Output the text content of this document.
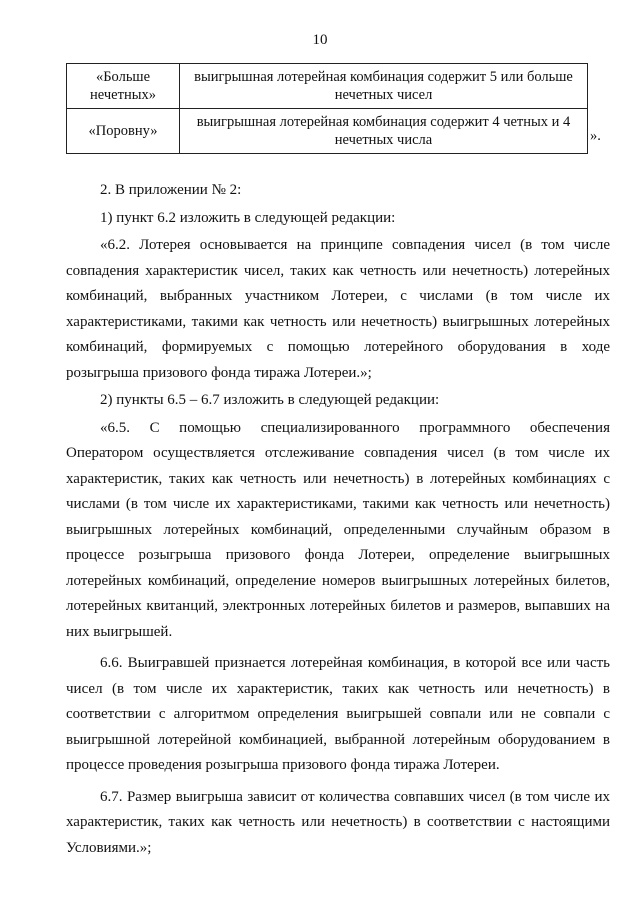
10
«Больше нечетных»	выигрышная лотерейная комбинация содержит 5 или больше нечетных чисел
«Поровну»	выигрышная лотерейная комбинация содержит 4 четных и 4 нечетных числа	».

2. В приложении № 2:

1) пункт 6.2 изложить в следующей редакции:

«6.2. Лотерея основывается на принципе совпадения чисел (в том числе совпадения характеристик чисел, таких как четность или нечетность) лотерейных комбинаций, выбранных участником Лотереи, с числами (в том числе их характеристиками, такими как четность или нечетность) выигрышных лотерейных комбинаций, формируемых с помощью лотерейного оборудования в ходе розыгрыша призового фонда тиража Лотереи.»;

2) пункты 6.5 – 6.7 изложить в следующей редакции:

«6.5. С помощью специализированного программного обеспечения Оператором осуществляется отслеживание совпадения чисел (в том числе их характеристик, таких как четность или нечетность) в лотерейных комбинациях с числами (в том числе их характеристиками, такими как четность или нечетность) выигрышных лотерейных комбинаций, определенными случайным образом в процессе розыгрыша призового фонда Лотереи, определение выигрышных лотерейных комбинаций, определение номеров выигрышных лотерейных билетов, лотерейных квитанций, электронных лотерейных билетов и размеров, выпавших на них выигрышей.

6.6. Выигравшей признается лотерейная комбинация, в которой все или часть чисел (в том числе их характеристик, таких как четность или нечетность) в соответствии с алгоритмом определения выигрышей совпали или не совпали с выигрышной лотерейной комбинацией, выбранной лотерейным оборудованием в процессе проведения розыгрыша призового фонда тиража Лотереи.

6.7. Размер выигрыша зависит от количества совпавших чисел (в том числе их характеристик, таких как четность или нечетность) в соответствии с настоящими Условиями.»;
